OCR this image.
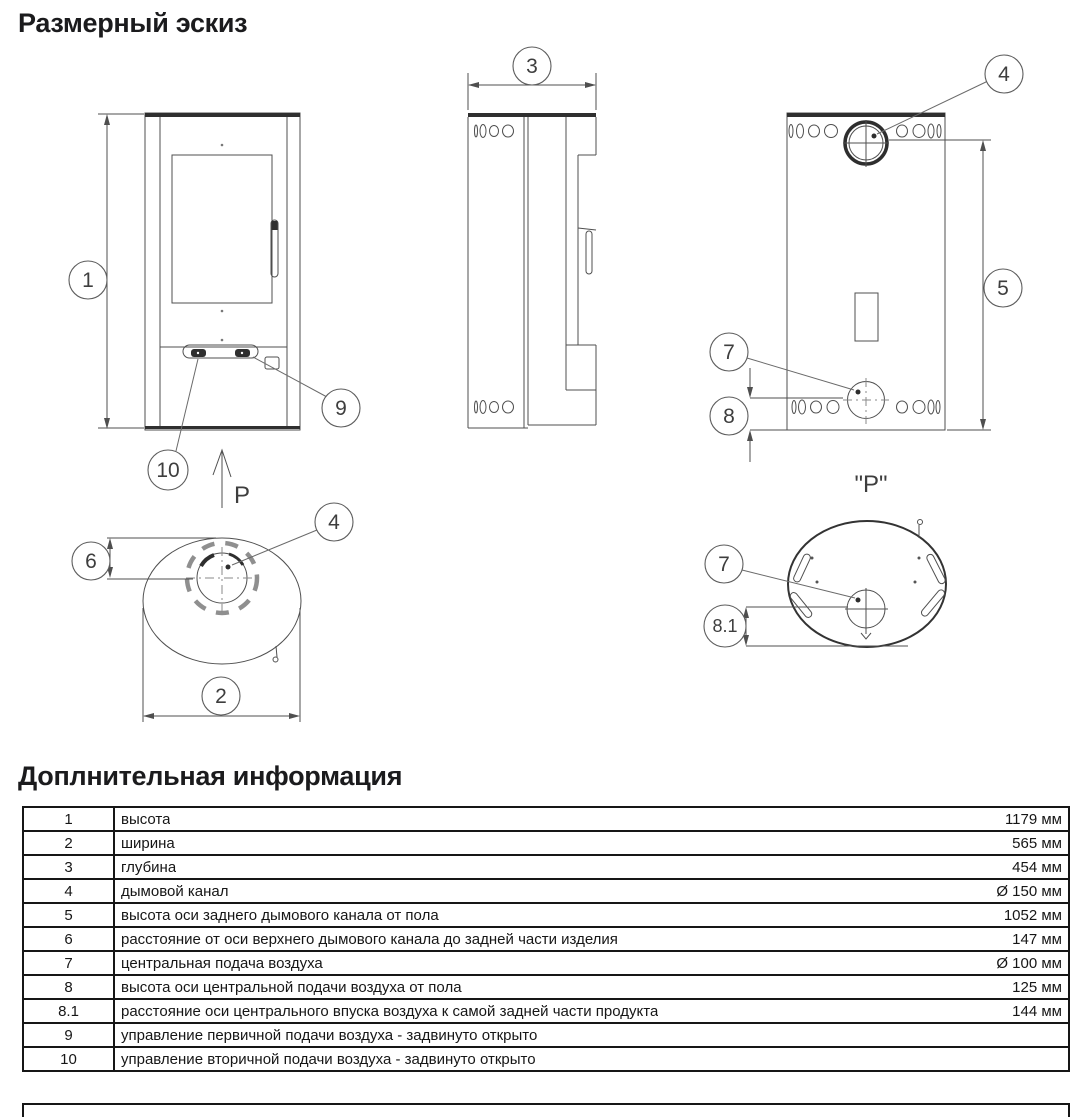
Размерный эскиз
1
9
10
P
3	4
5
7
8
"P"
4
6
2
7
8.1
Доплнительная информация
1	высота 1179 мм

2	ширина 565 мм

3	глубина 454 мм

4	дымовой канал Ø 150 мм

5	высота оси заднего дымового канала от пола 1052 мм

6	расстояние от оси верхнего дымового канала до задней части изделия 147 мм

7	центральная подача воздуха Ø 100 мм

8	высота оси центральной подачи воздуха от пола 125 мм

8.1	расстояние оси центрального впуска воздуха к самой задней части продукта 144 мм

9	управление первичной подачи воздуха - задвинуто открыто

10	управление вторичной подачи воздуха - задвинуто открыто
